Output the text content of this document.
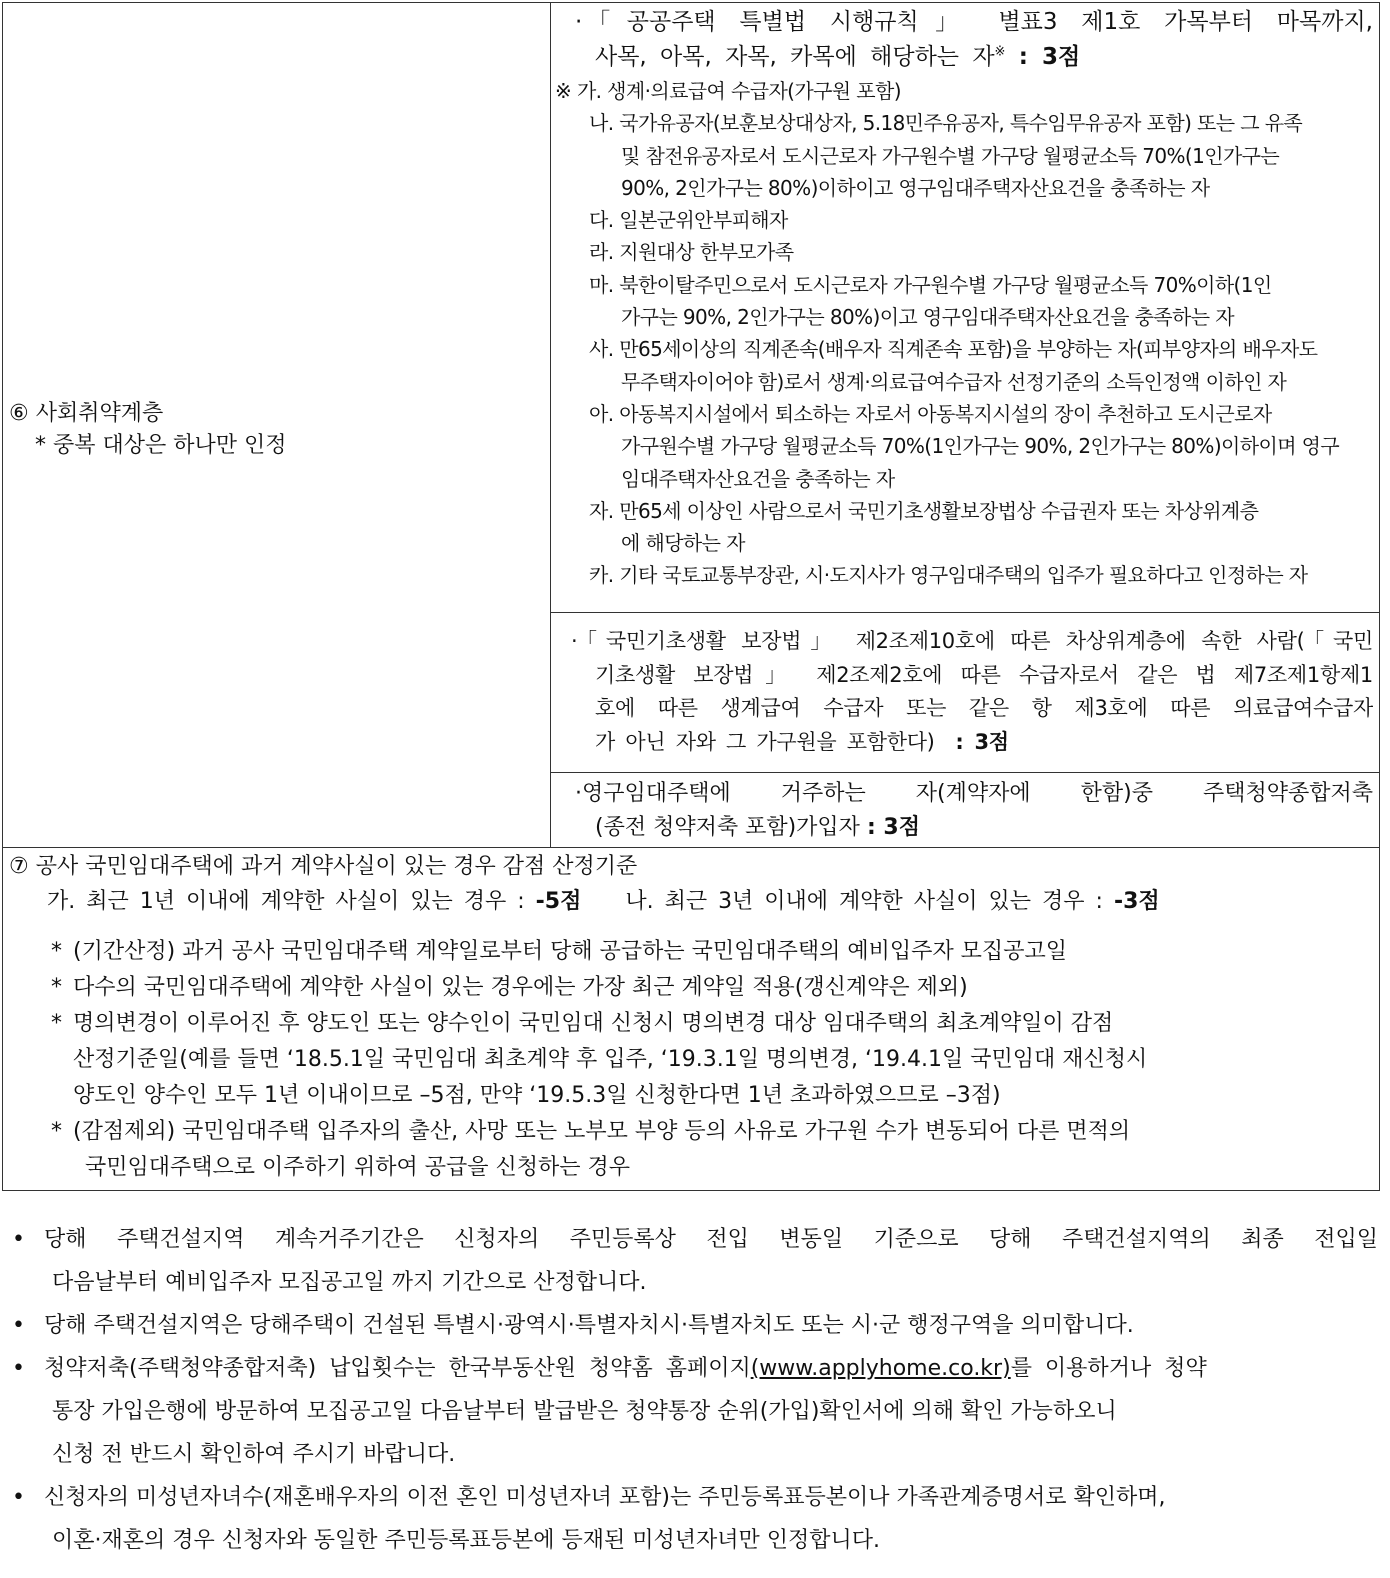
⑥ 사회취약계층
* 중복 대상은 하나만 인정

·「공공주택 특별법 시행규칙」 별표3 제1호 가목부터 마목까지,
사목, 아목, 자목, 카목에 해당하는 자※ : 3점
※ 가. 생계·의료급여 수급자(가구원 포함)
나. 국가유공자(보훈보상대상자, 5.18민주유공자, 특수임무유공자 포함) 또는 그 유족
및 참전유공자로서 도시근로자 가구원수별 가구당 월평균소득 70%(1인가구는
90%, 2인가구는 80%)이하이고 영구임대주택자산요건을 충족하는 자
다. 일본군위안부피해자
라. 지원대상 한부모가족
마. 북한이탈주민으로서 도시근로자 가구원수별 가구당 월평균소득 70%이하(1인
가구는 90%, 2인가구는 80%)이고 영구임대주택자산요건을 충족하는 자
사. 만65세이상의 직계존속(배우자 직계존속 포함)을 부양하는 자(피부양자의 배우자도
무주택자이어야 함)로서 생계·의료급여수급자 선정기준의 소득인정액 이하인 자
아. 아동복지시설에서 퇴소하는 자로서 아동복지시설의 장이 추천하고 도시근로자
가구원수별 가구당 월평균소득 70%(1인가구는 90%, 2인가구는 80%)이하이며 영구
임대주택자산요건을 충족하는 자
자. 만65세 이상인 사람으로서 국민기초생활보장법상 수급권자 또는 차상위계층
에 해당하는 자
카. 기타 국토교통부장관, 시·도지사가 영구임대주택의 입주가 필요하다고 인정하는 자

·「국민기초생활 보장법」 제2조제10호에 따른 차상위계층에 속한 사람(「국민
기초생활 보장법」 제2조제2호에 따른 수급자로서 같은 법 제7조제1항제1
호에 따른 생계급여 수급자 또는 같은 항 제3호에 따른 의료급여수급자
가 아닌 자와 그 가구원을 포함한다) : 3점

·영구임대주택에 거주하는 자(계약자에 한함)중 주택청약종합저축
(종전 청약저축 포함)가입자 : 3점

⑦ 공사 국민임대주택에 과거 계약사실이 있는 경우 감점 산정기준
가. 최근 1년 이내에 계약한 사실이 있는 경우 : -5점 나. 최근 3년 이내에 계약한 사실이 있는 경우 : -3점
* (기간산정) 과거 공사 국민임대주택 계약일로부터 당해 공급하는 국민임대주택의 예비입주자 모집공고일
* 다수의 국민임대주택에 계약한 사실이 있는 경우에는 가장 최근 계약일 적용(갱신계약은 제외)
* 명의변경이 이루어진 후 양도인 또는 양수인이 국민임대 신청시 명의변경 대상 임대주택의 최초계약일이 감점
산정기준일(예를 들면 ‘18.5.1일 국민임대 최초계약 후 입주, ‘19.3.1일 명의변경, ‘19.4.1일 국민임대 재신청시
양도인 양수인 모두 1년 이내이므로 –5점, 만약 ‘19.5.3일 신청한다면 1년 초과하였으므로 –3점)
* (감점제외) 국민임대주택 입주자의 출산, 사망 또는 노부모 부양 등의 사유로 가구원 수가 변동되어 다른 면적의
국민임대주택으로 이주하기 위하여 공급을 신청하는 경우
• 당해 주택건설지역 계속거주기간은 신청자의 주민등록상 전입 변동일 기준으로 당해 주택건설지역의 최종 전입일
다음날부터 예비입주자 모집공고일 까지 기간으로 산정합니다.
• 당해 주택건설지역은 당해주택이 건설된 특별시·광역시·특별자치시·특별자치도 또는 시·군 행정구역을 의미합니다.
• 청약저축(주택청약종합저축) 납입횟수는 한국부동산원 청약홈 홈페이지(www.applyhome.co.kr)를 이용하거나 청약
통장 가입은행에 방문하여 모집공고일 다음날부터 발급받은 청약통장 순위(가입)확인서에 의해 확인 가능하오니
신청 전 반드시 확인하여 주시기 바랍니다.
• 신청자의 미성년자녀수(재혼배우자의 이전 혼인 미성년자녀 포함)는 주민등록표등본이나 가족관계증명서로 확인하며,
이혼·재혼의 경우 신청자와 동일한 주민등록표등본에 등재된 미성년자녀만 인정합니다.
